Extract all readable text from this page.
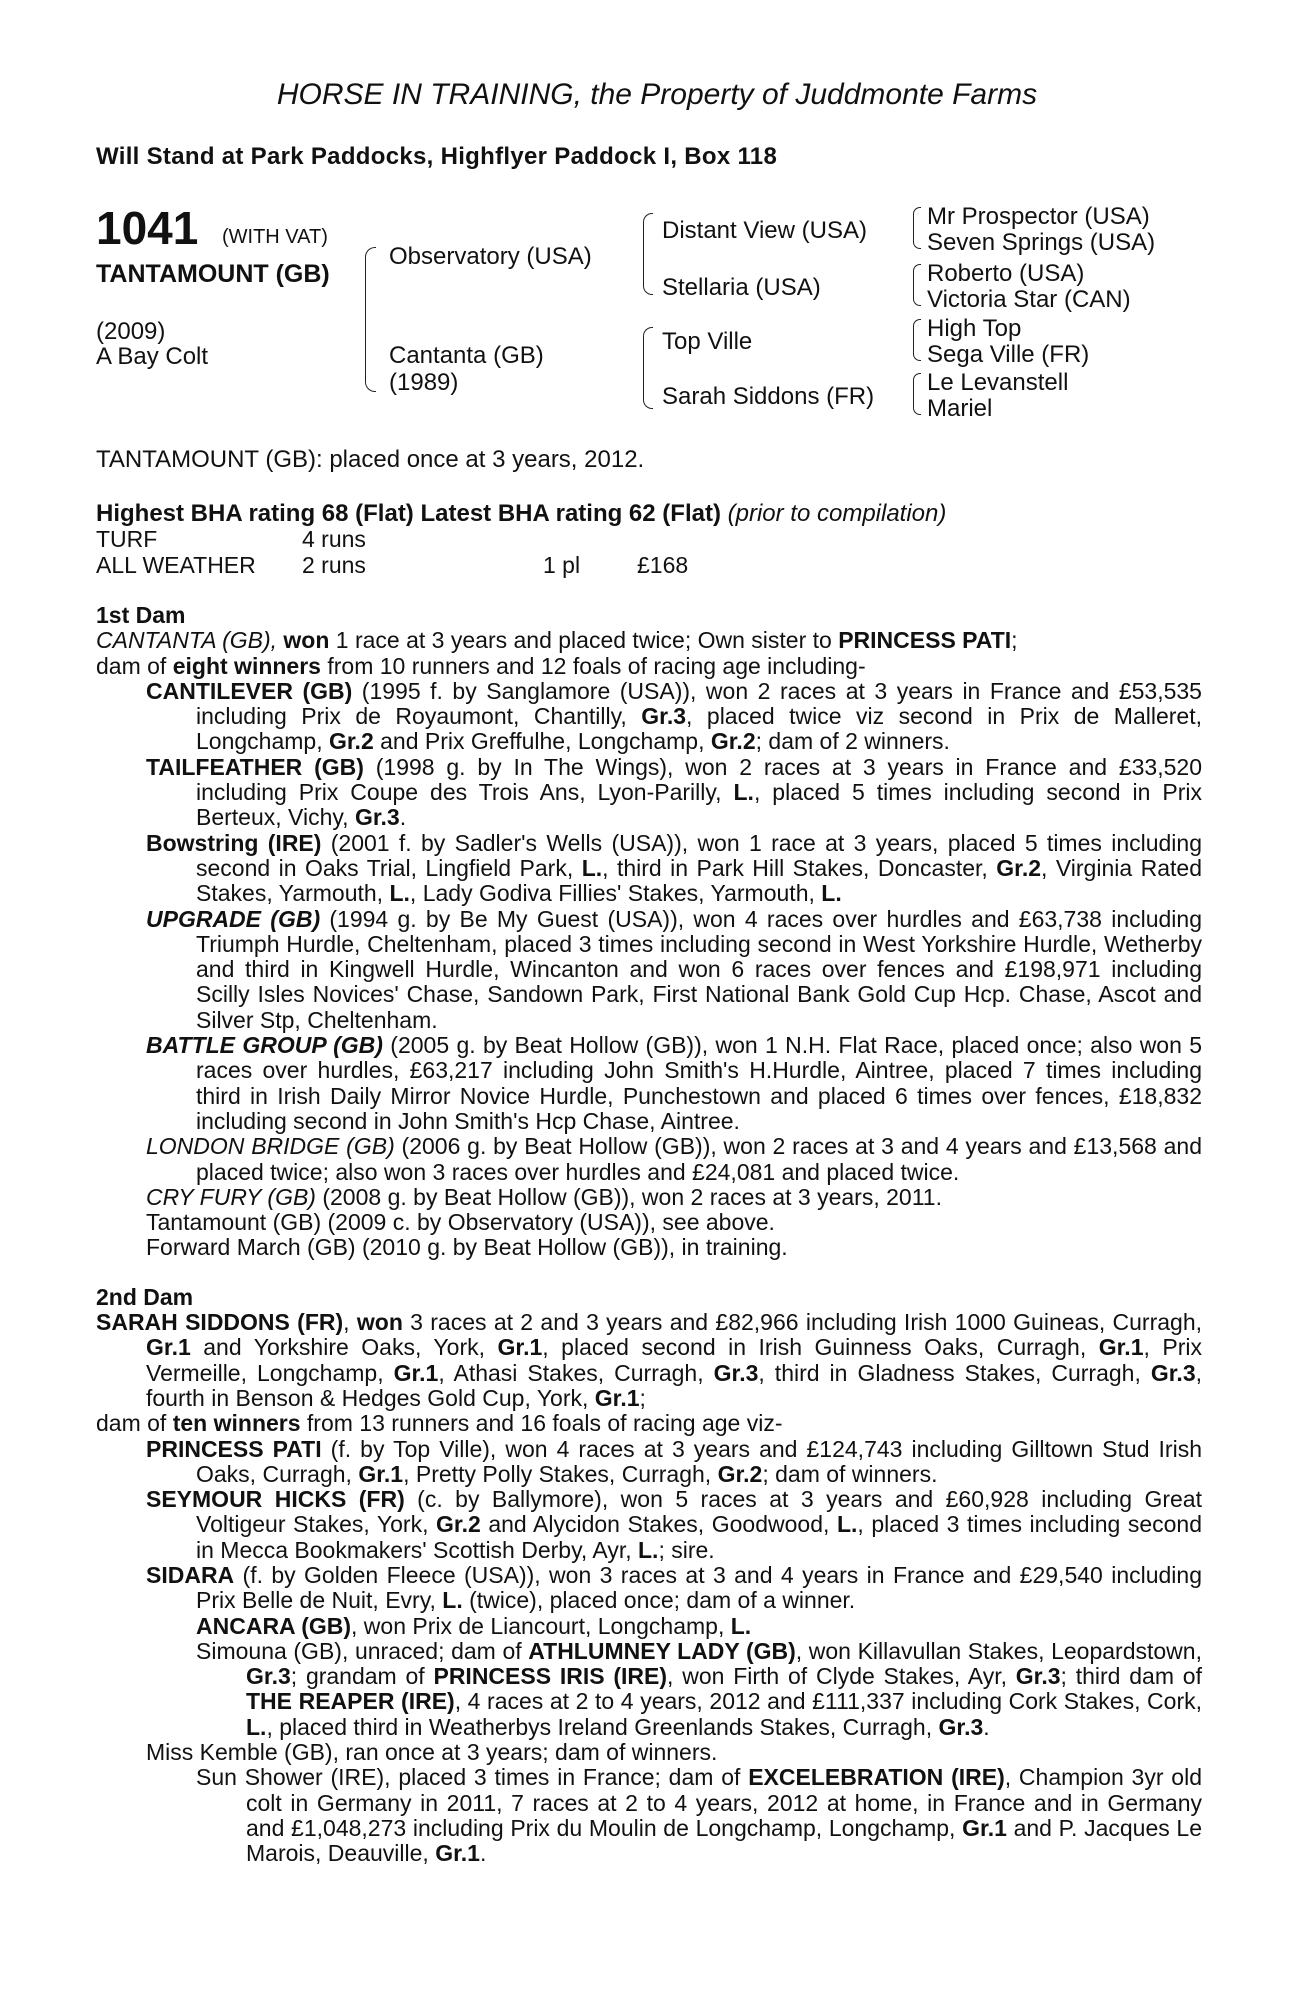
HORSE IN TRAINING, the Property of Juddmonte Farms
Will Stand at Park Paddocks, Highflyer Paddock I, Box 118
1041 (WITH VAT)
TANTAMOUNT (GB)
(2009)
A Bay Colt
Observatory (USA)
Cantanta (GB)
(1989)
Distant View (USA)
Stellaria (USA)
Top Ville
Sarah Siddons (FR)
Mr Prospector (USA)
Seven Springs (USA)
Roberto (USA)
Victoria Star (CAN)
High Top
Sega Ville (FR)
Le Levanstell
Mariel
TANTAMOUNT (GB): placed once at 3 years, 2012.
Highest BHA rating 68 (Flat) Latest BHA rating 62 (Flat) (prior to compilation)
TURF	4 runs
ALL WEATHER 2 runs	1 pl £168

1st Dam

CANTANTA (GB), won 1 race at 3 years and placed twice; Own sister to PRINCESS PATI;

dam of eight winners from 10 runners and 12 foals of racing age including-

CANTILEVER (GB) (1995 f. by Sanglamore (USA)), won 2 races at 3 years in France and £53,535 including Prix de Royaumont, Chantilly, Gr.3, placed twice viz second in Prix de Malleret, Longchamp, Gr.2 and Prix Greffulhe, Longchamp, Gr.2; dam of 2 winners.

TAILFEATHER (GB) (1998 g. by In The Wings), won 2 races at 3 years in France and £33,520 including Prix Coupe des Trois Ans, Lyon-Parilly, L., placed 5 times including second in Prix Berteux, Vichy, Gr.3.

Bowstring (IRE) (2001 f. by Sadler's Wells (USA)), won 1 race at 3 years, placed 5 times including second in Oaks Trial, Lingfield Park, L., third in Park Hill Stakes, Doncaster, Gr.2, Virginia Rated Stakes, Yarmouth, L., Lady Godiva Fillies' Stakes, Yarmouth, L.

UPGRADE (GB) (1994 g. by Be My Guest (USA)), won 4 races over hurdles and £63,738 including Triumph Hurdle, Cheltenham, placed 3 times including second in West Yorkshire Hurdle, Wetherby and third in Kingwell Hurdle, Wincanton and won 6 races over fences and £198,971 including Scilly Isles Novices' Chase, Sandown Park, First National Bank Gold Cup Hcp. Chase, Ascot and Silver Stp, Cheltenham.

BATTLE GROUP (GB) (2005 g. by Beat Hollow (GB)), won 1 N.H. Flat Race, placed once; also won 5 races over hurdles, £63,217 including John Smith's H.Hurdle, Aintree, placed 7 times including third in Irish Daily Mirror Novice Hurdle, Punchestown and placed 6 times over fences, £18,832 including second in John Smith's Hcp Chase, Aintree.

LONDON BRIDGE (GB) (2006 g. by Beat Hollow (GB)), won 2 races at 3 and 4 years and £13,568 and placed twice; also won 3 races over hurdles and £24,081 and placed twice.

CRY FURY (GB) (2008 g. by Beat Hollow (GB)), won 2 races at 3 years, 2011.

Tantamount (GB) (2009 c. by Observatory (USA)), see above.

Forward March (GB) (2010 g. by Beat Hollow (GB)), in training.

2nd Dam

SARAH SIDDONS (FR), won 3 races at 2 and 3 years and £82,966 including Irish 1000 Guineas, Curragh, Gr.1 and Yorkshire Oaks, York, Gr.1, placed second in Irish Guinness Oaks, Curragh, Gr.1, Prix Vermeille, Longchamp, Gr.1, Athasi Stakes, Curragh, Gr.3, third in Gladness Stakes, Curragh, Gr.3, fourth in Benson & Hedges Gold Cup, York, Gr.1;

dam of ten winners from 13 runners and 16 foals of racing age viz-

PRINCESS PATI (f. by Top Ville), won 4 races at 3 years and £124,743 including Gilltown Stud Irish Oaks, Curragh, Gr.1, Pretty Polly Stakes, Curragh, Gr.2; dam of winners.

SEYMOUR HICKS (FR) (c. by Ballymore), won 5 races at 3 years and £60,928 including Great Voltigeur Stakes, York, Gr.2 and Alycidon Stakes, Goodwood, L., placed 3 times including second in Mecca Bookmakers' Scottish Derby, Ayr, L.; sire.

SIDARA (f. by Golden Fleece (USA)), won 3 races at 3 and 4 years in France and £29,540 including Prix Belle de Nuit, Evry, L. (twice), placed once; dam of a winner.

ANCARA (GB), won Prix de Liancourt, Longchamp, L.

Simouna (GB), unraced; dam of ATHLUMNEY LADY (GB), won Killavullan Stakes, Leopardstown, Gr.3; grandam of PRINCESS IRIS (IRE), won Firth of Clyde Stakes, Ayr, Gr.3; third dam of THE REAPER (IRE), 4 races at 2 to 4 years, 2012 and £111,337 including Cork Stakes, Cork, L., placed third in Weatherbys Ireland Greenlands Stakes, Curragh, Gr.3.

Miss Kemble (GB), ran once at 3 years; dam of winners.

Sun Shower (IRE), placed 3 times in France; dam of EXCELEBRATION (IRE), Champion 3yr old colt in Germany in 2011, 7 races at 2 to 4 years, 2012 at home, in France and in Germany and £1,048,273 including Prix du Moulin de Longchamp, Longchamp, Gr.1 and P. Jacques Le Marois, Deauville, Gr.1.
